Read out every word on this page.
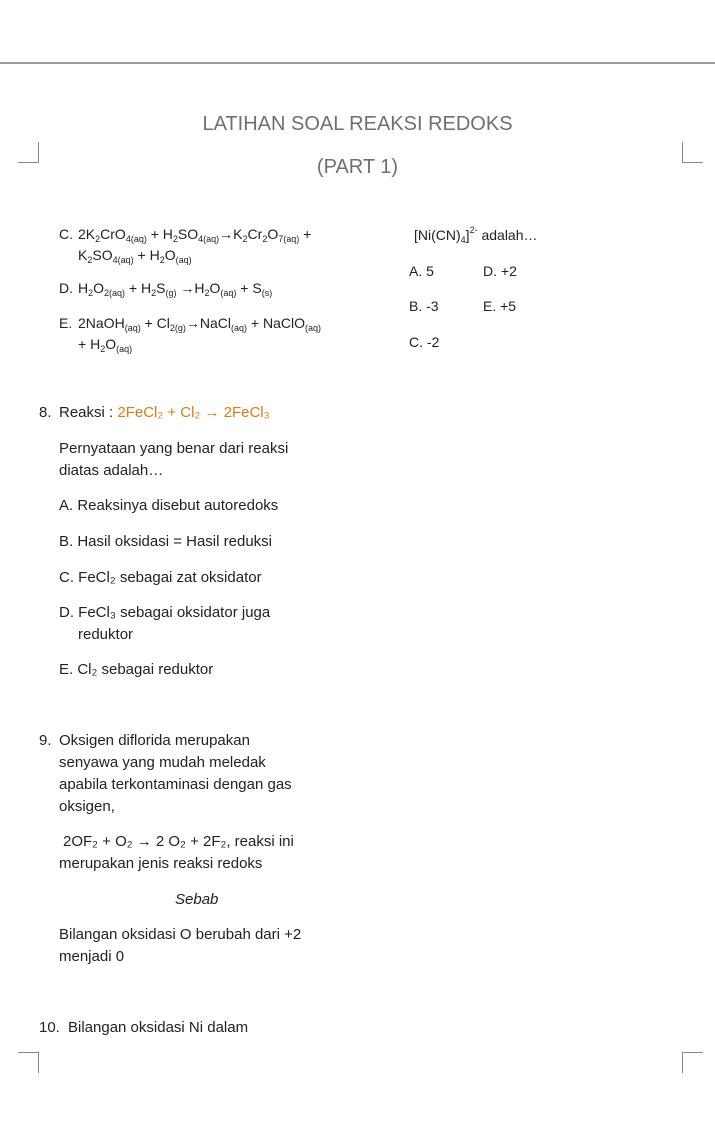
LATIHAN SOAL REAKSI REDOKS
(PART 1)
C. $2K_2CrO_{4(aq)} + H_2SO_{4(aq)}\to K_2Cr_2O_{7(aq)}$ +
$K_2SO_{4(aq)} + H_2O_{(aq)}$
D. $H_2O_{2(aq)} + H_2S_{(g)} \to H_2O_{(aq)} + S_{(s)}$
E. 2NaOH$_{(aq)}$ + $Cl_{2(g)}\to NaCl_{(aq)}$ + NaClO$_{(aq)}$
+ $H_2O_{(aq)}$
$[Ni(CN)_4]^{2-}$ adalah…
A. 5	D. +2
B. -3	E. +5
C. -2
8. Reaksi : 2FeCl₂ + Cl₂ → 2FeCl₃
Pernyataan yang benar dari reaksi
diatas adalah…
A. Reaksinya disebut autoredoks
B. Hasil oksidasi = Hasil reduksi
C. FeCl₂ sebagai zat oksidator
D. FeCl₃ sebagai oksidator juga
reduktor
E. Cl₂ sebagai reduktor
9. Oksigen diflorida merupakan
senyawa yang mudah meledak
apabila terkontaminasi dengan gas
oksigen,
2OF₂ + O₂ → 2 O₂ + 2F₂, reaksi ini
merupakan jenis reaksi redoks
Sebab
Bilangan oksidasi O berubah dari +2
menjadi 0
10. Bilangan oksidasi Ni dalam
